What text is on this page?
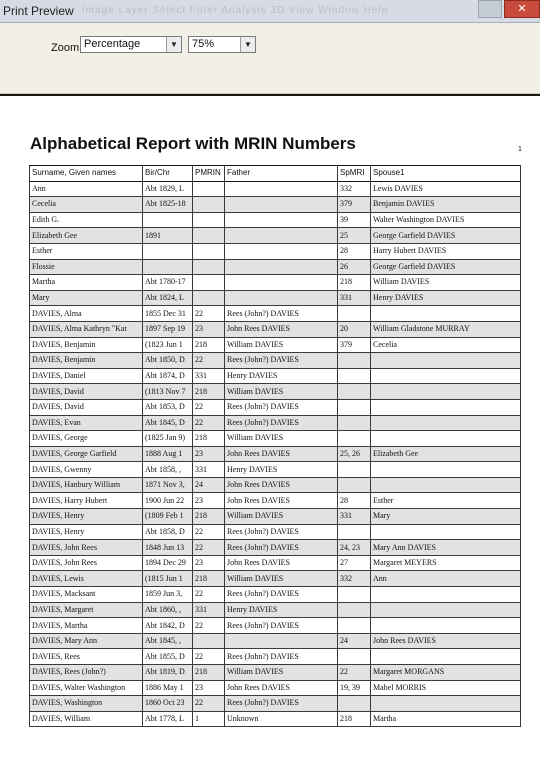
Print Preview Image Layer Select Filter Analysis 3D View Window Help	✕
Zoom Percentage	▼ 75%	▼
Alphabetical Report with MRIN Numbers	1
Surname, Given names	Bir/Chr	PMRIN	Father	SpMRI	Spouse1
Ann	Abt 1829, L			332	Lewis DAVIES
Cecelia	Abt 1825-18			379	Benjamin DAVIES
Edith G.				39	Walter Washington DAVIES
Elizabeth Gee	1891			25	George Garfield DAVIES
Esther				28	Harry Hubert DAVIES
Flossie				26	George Garfield DAVIES
Martha	Abt 1780-17			218	William DAVIES
Mary	Abt 1824, L			331	Henry DAVIES
DAVIES, Alma	1855 Dec 31	22	Rees (John?) DAVIES		
DAVIES, Alma Kathryn "Kat	1897 Sep 19	23	John Rees DAVIES	20	William Gladstone MURRAY
DAVIES, Benjamin	(1823 Jun 1	218	William DAVIES	379	Cecelia
DAVIES, Benjamin	Abt 1850, D	22	Rees (John?) DAVIES		
DAVIES, Daniel	Abt 1874, D	331	Henry DAVIES		
DAVIES, David	(1813 Nov 7	218	William DAVIES		
DAVIES, David	Abt 1853, D	22	Rees (John?) DAVIES		
DAVIES, Evan	Abt 1845, D	22	Rees (John?) DAVIES		
DAVIES, George	(1825 Jan 9)	218	William DAVIES		
DAVIES, George Garfield	1888 Aug 1	23	John Rees DAVIES	25, 26	Elizabeth Gee
DAVIES, Gwenny	Abt 1858, ,	331	Henry DAVIES		
DAVIES, Hanbury William	1871 Nov 3,	24	John Rees DAVIES		
DAVIES, Harry Hubert	1900 Jun 22	23	John Rees DAVIES	28	Esther
DAVIES, Henry	(1809 Feb 1	218	William DAVIES	331	Mary
DAVIES, Henry	Abt 1858, D	22	Rees (John?) DAVIES		
DAVIES, John Rees	1848 Jun 13	22	Rees (John?) DAVIES	24, 23	Mary Ann DAVIES
DAVIES, John Rees	1894 Dec 29	23	John Rees DAVIES	27	Margaret MEYERS
DAVIES, Lewis	(1815 Jun 1	218	William DAVIES	332	Ann
DAVIES, Macksant	1859 Jun 3,	22	Rees (John?) DAVIES		
DAVIES, Margaret	Abt 1860, ,	331	Henry DAVIES		
DAVIES, Martha	Abt 1842, D	22	Rees (John?) DAVIES		
DAVIES, Mary Ann	Abt 1845, ,			24	John Rees DAVIES
DAVIES, Rees	Abt 1855, D	22	Rees (John?) DAVIES		
DAVIES, Rees (John?)	Abt 1819, D	218	William DAVIES	22	Margaret MORGANS
DAVIES, Walter Washington	1886 May 1	23	John Rees DAVIES	19, 39	Mabel MORRIS
DAVIES, Washington	1860 Oct 23	22	Rees (John?) DAVIES		
DAVIES, William	Abt 1778, L	1	Unknown	218	Martha
